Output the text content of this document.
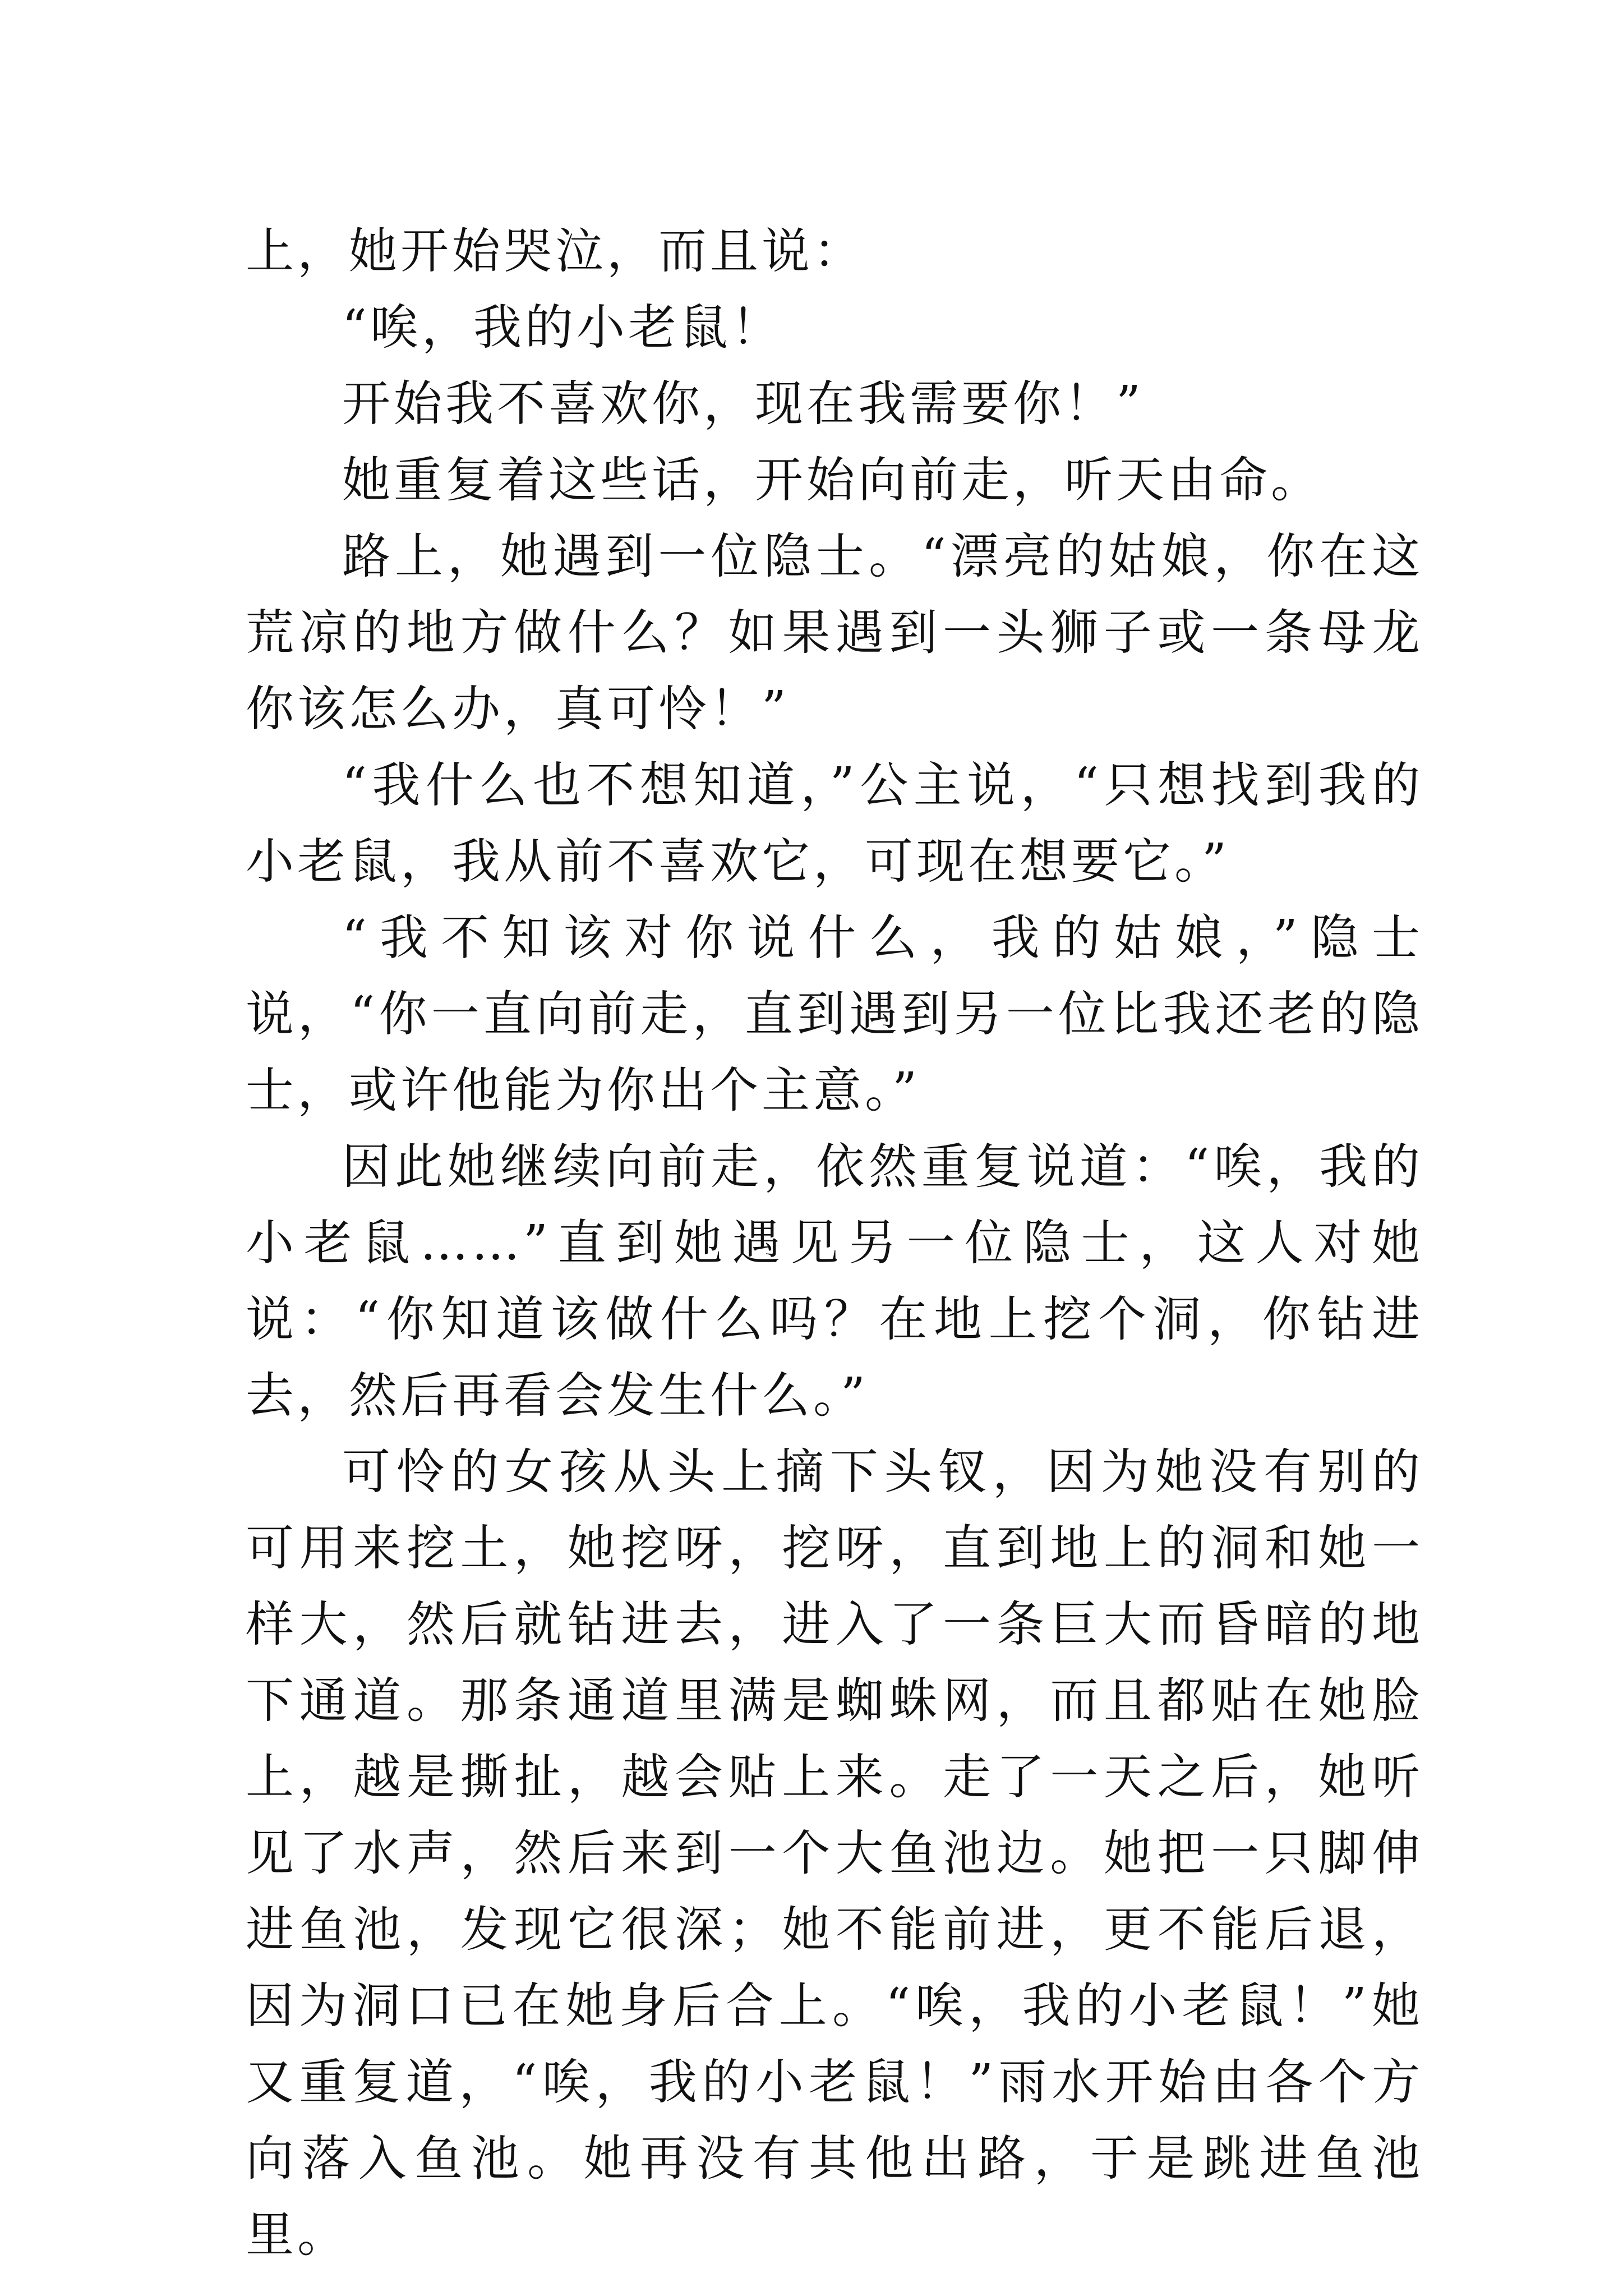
上，她开始哭泣，而且说：

“唉，我的小老鼠！

开始我不喜欢你，现在我需要你！”

她重复着这些话，开始向前走，听天由命。

路上，她遇到一位隐士。“漂亮的姑娘，你在这荒凉的地方做什么？如果遇到一头狮子或一条母龙你该怎么办，真可怜！”

“我什么也不想知道，”公主说，“只想找到我的小老鼠，我从前不喜欢它，可现在想要它。”

“我不知该对你说什么，我的姑娘，”隐士说，“你一直向前走，直到遇到另一位比我还老的隐士，或许他能为你出个主意。”

因此她继续向前走，依然重复说道：“唉，我的小老鼠……”直到她遇见另一位隐士，这人对她说：“你知道该做什么吗？在地上挖个洞，你钻进去，然后再看会发生什么。”

可怜的女孩从头上摘下头钗，因为她没有别的可用来挖土，她挖呀，挖呀，直到地上的洞和她一样大，然后就钻进去，进入了一条巨大而昏暗的地下通道。那条通道里满是蜘蛛网，而且都贴在她脸上，越是撕扯，越会贴上来。走了一天之后，她听见了水声，然后来到一个大鱼池边。她把一只脚伸进鱼池，发现它很深；她不能前进，更不能后退，因为洞口已在她身后合上。“唉，我的小老鼠！”她又重复道，“唉，我的小老鼠！”雨水开始由各个方向落入鱼池。她再没有其他出路，于是跳进鱼池里。
